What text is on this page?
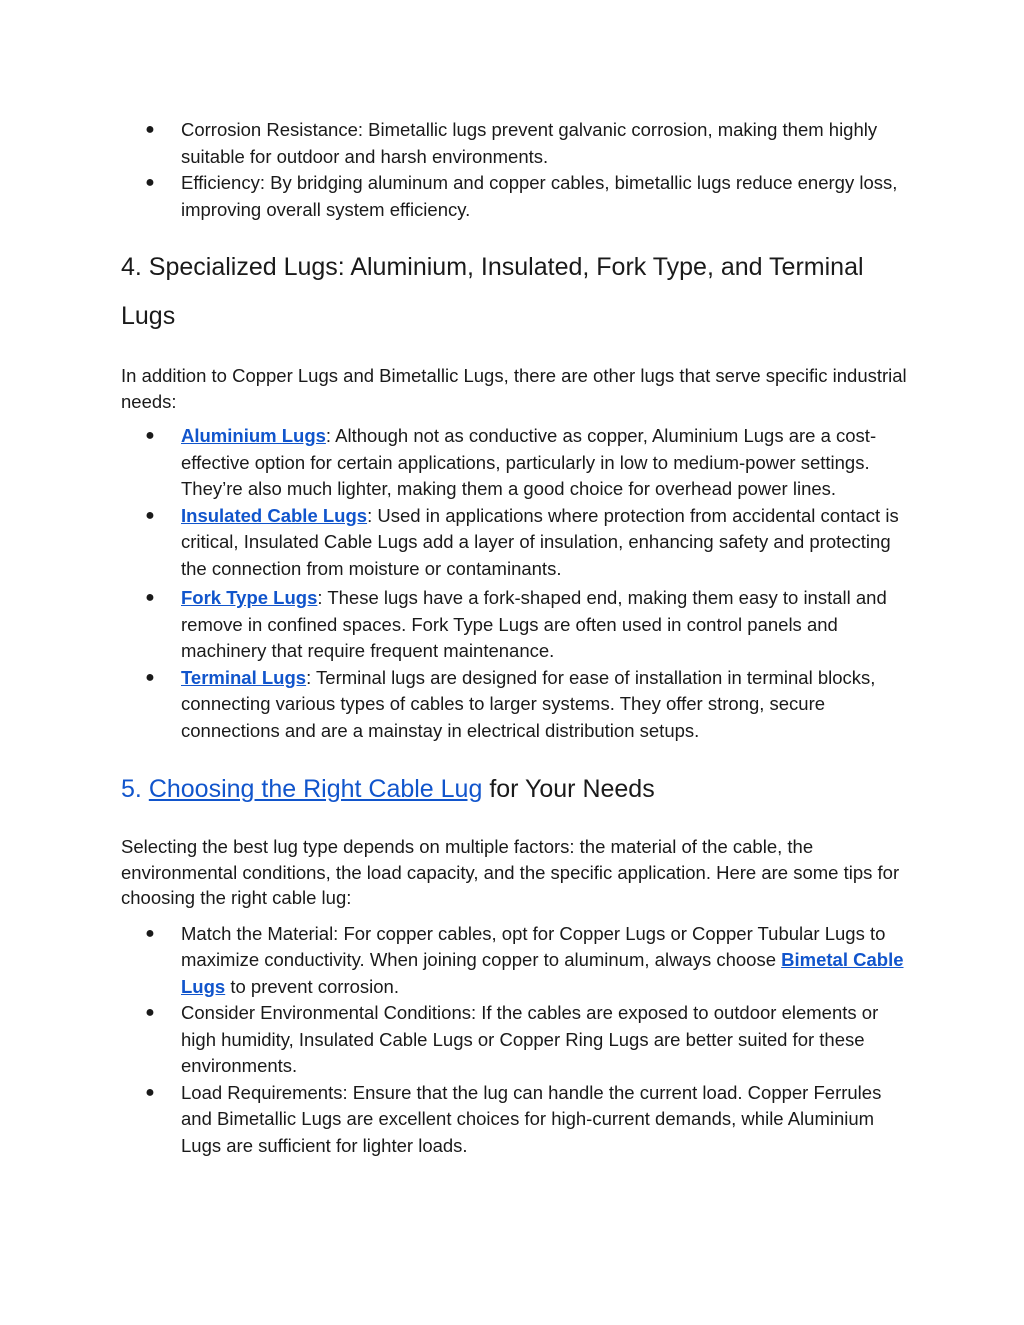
● Corrosion Resistance: Bimetallic lugs prevent galvanic corrosion, making them highly suitable for outdoor and harsh environments.
● Efficiency: By bridging aluminum and copper cables, bimetallic lugs reduce energy loss, improving overall system efficiency.
4. Specialized Lugs: Aluminium, Insulated, Fork Type, and Terminal Lugs

In addition to Copper Lugs and Bimetallic Lugs, there are other lugs that serve specific industrial needs:

● Aluminium Lugs: Although not as conductive as copper, Aluminium Lugs are a cost-effective option for certain applications, particularly in low to medium-power settings. They’re also much lighter, making them a good choice for overhead power lines.
● Insulated Cable Lugs: Used in applications where protection from accidental contact is critical, Insulated Cable Lugs add a layer of insulation, enhancing safety and protecting the connection from moisture or contaminants.
● Fork Type Lugs: These lugs have a fork-shaped end, making them easy to install and remove in confined spaces. Fork Type Lugs are often used in control panels and machinery that require frequent maintenance.
● Terminal Lugs: Terminal lugs are designed for ease of installation in terminal blocks, connecting various types of cables to larger systems. They offer strong, secure connections and are a mainstay in electrical distribution setups.
5. Choosing the Right Cable Lug for Your Needs

Selecting the best lug type depends on multiple factors: the material of the cable, the environmental conditions, the load capacity, and the specific application. Here are some tips for choosing the right cable lug:

● Match the Material: For copper cables, opt for Copper Lugs or Copper Tubular Lugs to maximize conductivity. When joining copper to aluminum, always choose Bimetal Cable Lugs to prevent corrosion.
● Consider Environmental Conditions: If the cables are exposed to outdoor elements or high humidity, Insulated Cable Lugs or Copper Ring Lugs are better suited for these environments.
● Load Requirements: Ensure that the lug can handle the current load. Copper Ferrules and Bimetallic Lugs are excellent choices for high-current demands, while Aluminium Lugs are sufficient for lighter loads.
